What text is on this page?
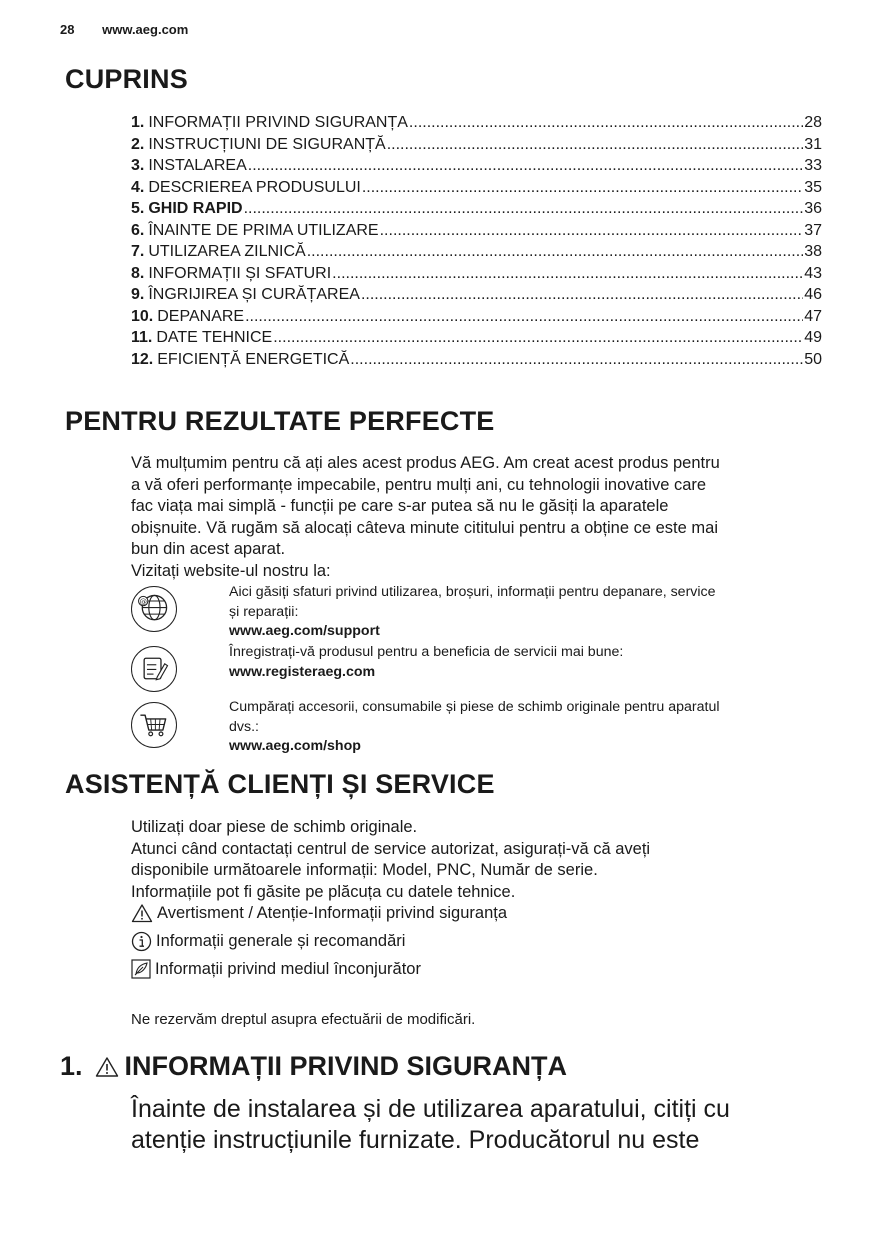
28 www.aeg.com
CUPRINS
1. INFORMAȚII PRIVIND SIGURANȚA .....	28
2. INSTRUCȚIUNI DE SIGURANȚĂ .....	31
3. INSTALAREA .....	33
4. DESCRIEREA PRODUSULUI .....	35
5. GHID RAPID .....	36
6. ÎNAINTE DE PRIMA UTILIZARE .....	37
7. UTILIZAREA ZILNICĂ .....	38
8. INFORMAȚII ȘI SFATURI .....	43
9. ÎNGRIJIREA ȘI CURĂȚAREA .....	46
10. DEPANARE .....	47
11. DATE TEHNICE .....	49
12. EFICIENȚĂ ENERGETICĂ .....	50
PENTRU REZULTATE PERFECTE
Vă mulțumim pentru că ați ales acest produs AEG. Am creat acest produs pentru
a vă oferi performanțe impecabile, pentru mulți ani, cu tehnologii inovative care
fac viața mai simplă - funcții pe care s-ar putea să nu le găsiți la aparatele
obișnuite. Vă rugăm să alocați câteva minute cititului pentru a obține ce este mai
bun din acest aparat.
Vizitați website-ul nostru la:
@
Aici găsiți sfaturi privind utilizarea, broșuri, informații pentru depanare, service
și reparații:
www.aeg.com/support
Înregistrați-vă produsul pentru a beneficia de servicii mai bune:
www.registeraeg.com
Cumpărați accesorii, consumabile și piese de schimb originale pentru aparatul
dvs.:
www.aeg.com/shop
ASISTENȚĂ CLIENȚI ȘI SERVICE
Utilizați doar piese de schimb originale.
Atunci când contactați centrul de service autorizat, asigurați-vă că aveți
disponibile următoarele informații: Model, PNC, Număr de serie.
Informațiile pot fi găsite pe plăcuța cu datele tehnice.
Avertisment / Atenție-Informații privind siguranța
Informații generale și recomandări
Informații privind mediul înconjurător
Ne rezervăm dreptul asupra efectuării de modificări.
1. INFORMAȚII PRIVIND SIGURANȚA
Înainte de instalarea și de utilizarea aparatului, citiți cu
atenție instrucțiunile furnizate. Producătorul nu este
